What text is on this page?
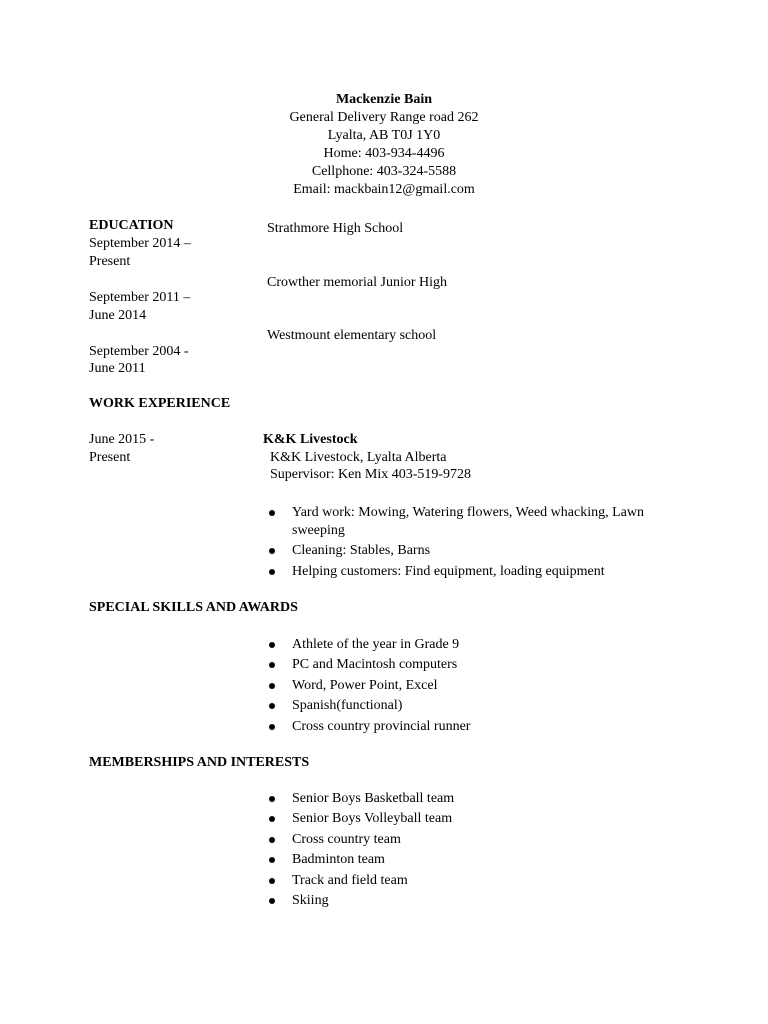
Mackenzie Bain
General Delivery Range road 262
Lyalta, AB T0J 1Y0
Home: 403-934-4496
Cellphone: 403-324-5588
Email: mackbain12@gmail.com
EDUCATION
September 2014 –
Present
Strathmore High School
September 2011 –
June 2014
Crowther memorial Junior High
September 2004 -
June 2011
Westmount elementary school
WORK EXPERIENCE
June 2015 -
Present
K&K Livestock
K&K Livestock, Lyalta Alberta
Supervisor: Ken Mix 403-519-9728
Yard work: Mowing, Watering flowers, Weed whacking, Lawn sweeping
Cleaning: Stables, Barns
Helping customers: Find equipment, loading equipment
SPECIAL SKILLS AND AWARDS
Athlete of the year in Grade 9
PC and Macintosh computers
Word, Power Point, Excel
Spanish(functional)
Cross country provincial runner
MEMBERSHIPS AND INTERESTS
Senior Boys Basketball team
Senior Boys Volleyball team
Cross country team
Badminton team
Track and field team
Skiing
